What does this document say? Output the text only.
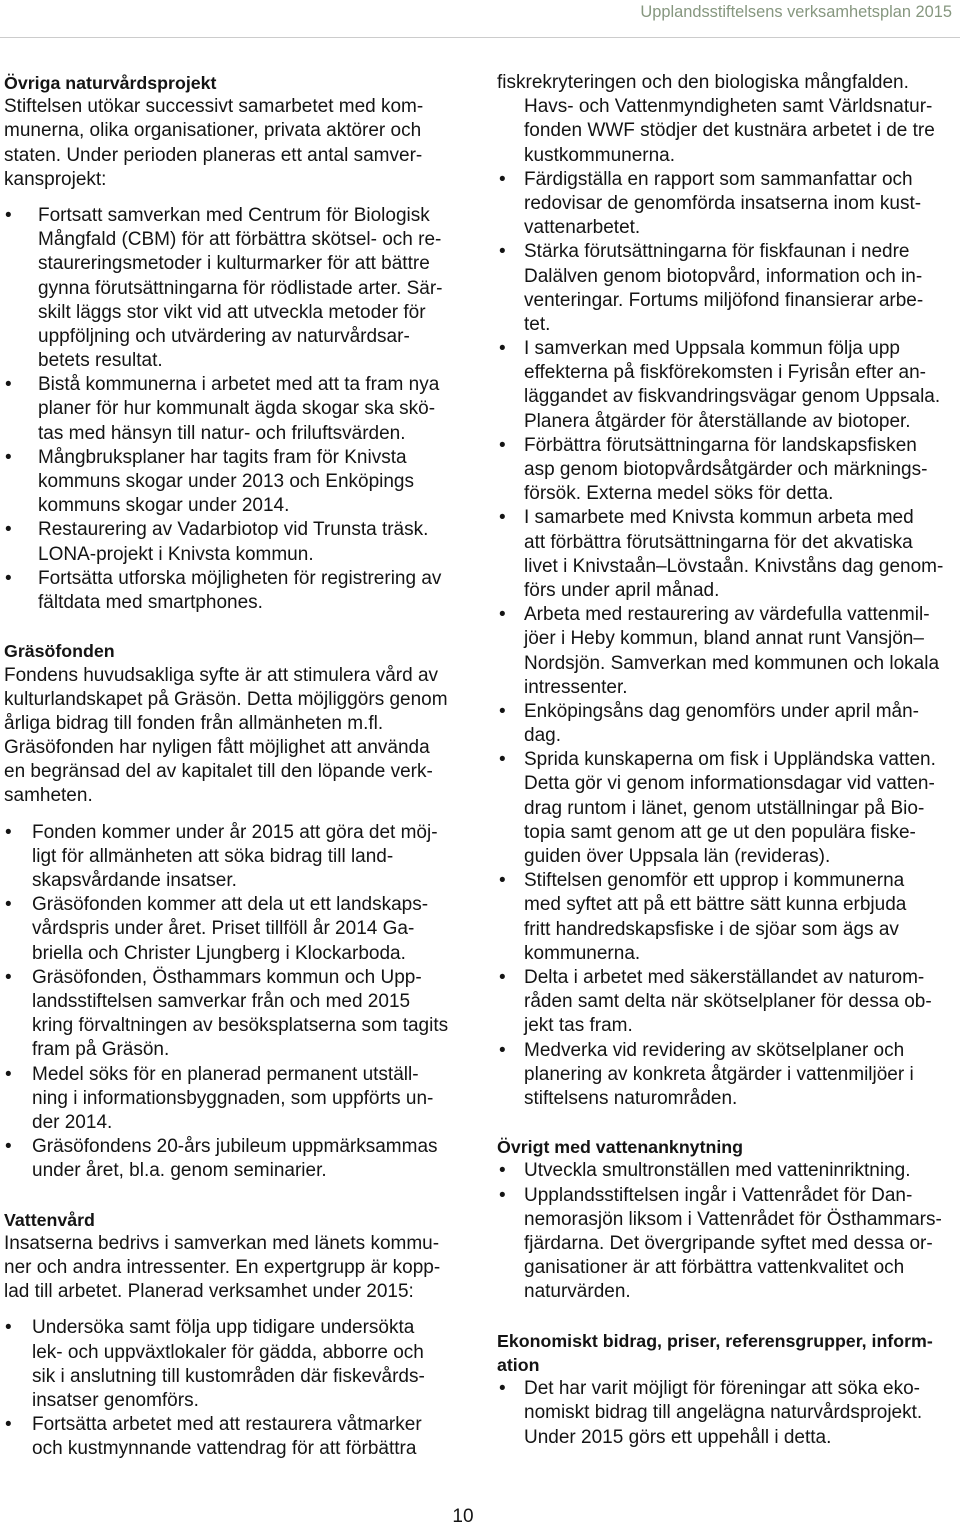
Upplandsstiftelsens verksamhetsplan 2015
Övriga naturvårdsprojekt
Stiftelsen utökar successivt samarbetet med kom-
munerna, olika organisationer, privata aktörer och
staten. Under perioden planeras ett antal samver-
kansprojekt:
• Fortsatt samverkan med Centrum för Biologisk
Mångfald (CBM) för att förbättra skötsel- och re-
staureringsmetoder i kulturmarker för att bättre
gynna förutsättningarna för rödlistade arter. Sär-
skilt läggs stor vikt vid att utveckla metoder för
uppföljning och utvärdering av naturvårdsar-
betets resultat.
• Bistå kommunerna i arbetet med att ta fram nya
planer för hur kommunalt ägda skogar ska skö-
tas med hänsyn till natur- och friluftsvärden.
• Mångbruksplaner har tagits fram för Knivsta
kommuns skogar under 2013 och Enköpings
kommuns skogar under 2014.
• Restaurering av Vadarbiotop vid Trunsta träsk.
LONA-projekt i Knivsta kommun.
• Fortsätta utforska möjligheten för registrering av
fältdata med smartphones.
Gräsöfonden
Fondens huvudsakliga syfte är att stimulera vård av
kulturlandskapet på Gräsön. Detta möjliggörs genom
årliga bidrag till fonden från allmänheten m.fl.
Gräsöfonden har nyligen fått möjlighet att använda
en begränsad del av kapitalet till den löpande verk-
samheten.
• Fonden kommer under år 2015 att göra det möj-
ligt för allmänheten att söka bidrag till land-
skapsvårdande insatser.
• Gräsöfonden kommer att dela ut ett landskaps-
vårdspris under året. Priset tillföll år 2014 Ga-
briella och Christer Ljungberg i Klockarboda.
• Gräsöfonden, Östhammars kommun och Upp-
landsstiftelsen samverkar från och med 2015
kring förvaltningen av besöksplatserna som tagits
fram på Gräsön.
• Medel söks för en planerad permanent utställ-
ning i informationsbyggnaden, som uppförts un-
der 2014.
• Gräsöfondens 20-års jubileum uppmärksammas
under året, bl.a. genom seminarier.
Vattenvård
Insatserna bedrivs i samverkan med länets kommu-
ner och andra intressenter. En expertgrupp är kopp-
lad till arbetet. Planerad verksamhet under 2015:
• Undersöka samt följa upp tidigare undersökta
lek- och uppväxtlokaler för gädda, abborre och
sik i anslutning till kustområden där fiskevårds-
insatser genomförs.
• Fortsätta arbetet med att restaurera våtmarker
och kustmynnande vattendrag för att förbättra
fiskrekryteringen och den biologiska mångfalden.
Havs- och Vattenmyndigheten samt Världsnatur-
fonden WWF stödjer det kustnära arbetet i de tre
kustkommunerna.
• Färdigställa en rapport som sammanfattar och
redovisar de genomförda insatserna inom kust-
vattenarbetet.
• Stärka förutsättningarna för fiskfaunan i nedre
Dalälven genom biotopvård, information och in-
venteringar. Fortums miljöfond finansierar arbe-
tet.
• I samverkan med Uppsala kommun följa upp
effekterna på fiskförekomsten i Fyrisån efter an-
läggandet av fiskvandringsvägar genom Uppsala.
Planera åtgärder för återställande av biotoper.
• Förbättra förutsättningarna för landskapsfisken
asp genom biotopvårdsåtgärder och märknings-
försök. Externa medel söks för detta.
• I samarbete med Knivsta kommun arbeta med
att förbättra förutsättningarna för det akvatiska
livet i Knivstaån–Lövstaån. Knivståns dag genom-
förs under april månad.
• Arbeta med restaurering av värdefulla vattenmil-
jöer i Heby kommun, bland annat runt Vansjön–
Nordsjön. Samverkan med kommunen och lokala
intressenter.
• Enköpingsåns dag genomförs under april mån-
dag.
• Sprida kunskaperna om fisk i Uppländska vatten.
Detta gör vi genom informationsdagar vid vatten-
drag runtom i länet, genom utställningar på Bio-
topia samt genom att ge ut den populära fiske-
guiden över Uppsala län (revideras).
• Stiftelsen genomför ett upprop i kommunerna
med syftet att på ett bättre sätt kunna erbjuda
fritt handredskapsfiske i de sjöar som ägs av
kommunerna.
• Delta i arbetet med säkerställandet av naturom-
råden samt delta när skötselplaner för dessa ob-
jekt tas fram.
• Medverka vid revidering av skötselplaner och
planering av konkreta åtgärder i vattenmiljöer i
stiftelsens naturområden.
Övrigt med vattenanknytning
• Utveckla smultronställen med vatteninriktning.
• Upplandsstiftelsen ingår i Vattenrådet för Dan-
nemorasjön liksom i Vattenrådet för Östhammars-
fjärdarna. Det övergripande syftet med dessa or-
ganisationer är att förbättra vattenkvalitet och
naturvärden.
Ekonomiskt bidrag, priser, referensgrupper, inform-
ation
• Det har varit möjligt för föreningar att söka eko-
nomiskt bidrag till angelägna naturvårdsprojekt.
Under 2015 görs ett uppehåll i detta.
10
